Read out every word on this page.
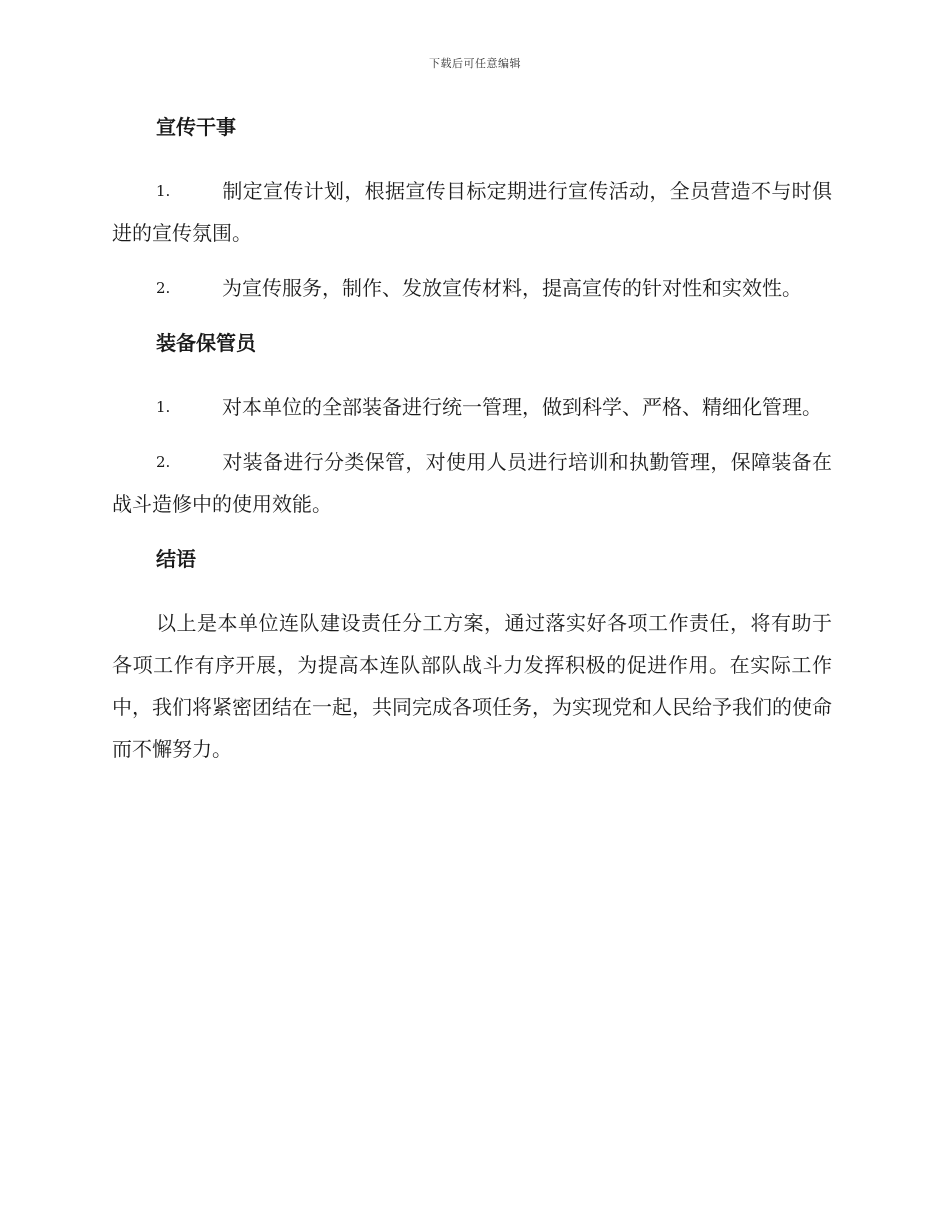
下载后可任意编辑
宣传干事
1.	制定宣传计划，根据宣传目标定期进行宣传活动，全员营造不与时俱进的宣传氛围。
2.	为宣传服务，制作、发放宣传材料，提高宣传的针对性和实效性。
装备保管员
1.	对本单位的全部装备进行统一管理，做到科学、严格、精细化管理。
2.	对装备进行分类保管，对使用人员进行培训和执勤管理，保障装备在战斗造修中的使用效能。
结语

以上是本单位连队建设责任分工方案，通过落实好各项工作责任，将有助于各项工作有序开展，为提高本连队部队战斗力发挥积极的促进作用。在实际工作中，我们将紧密团结在一起，共同完成各项任务，为实现党和人民给予我们的使命而不懈努力。
